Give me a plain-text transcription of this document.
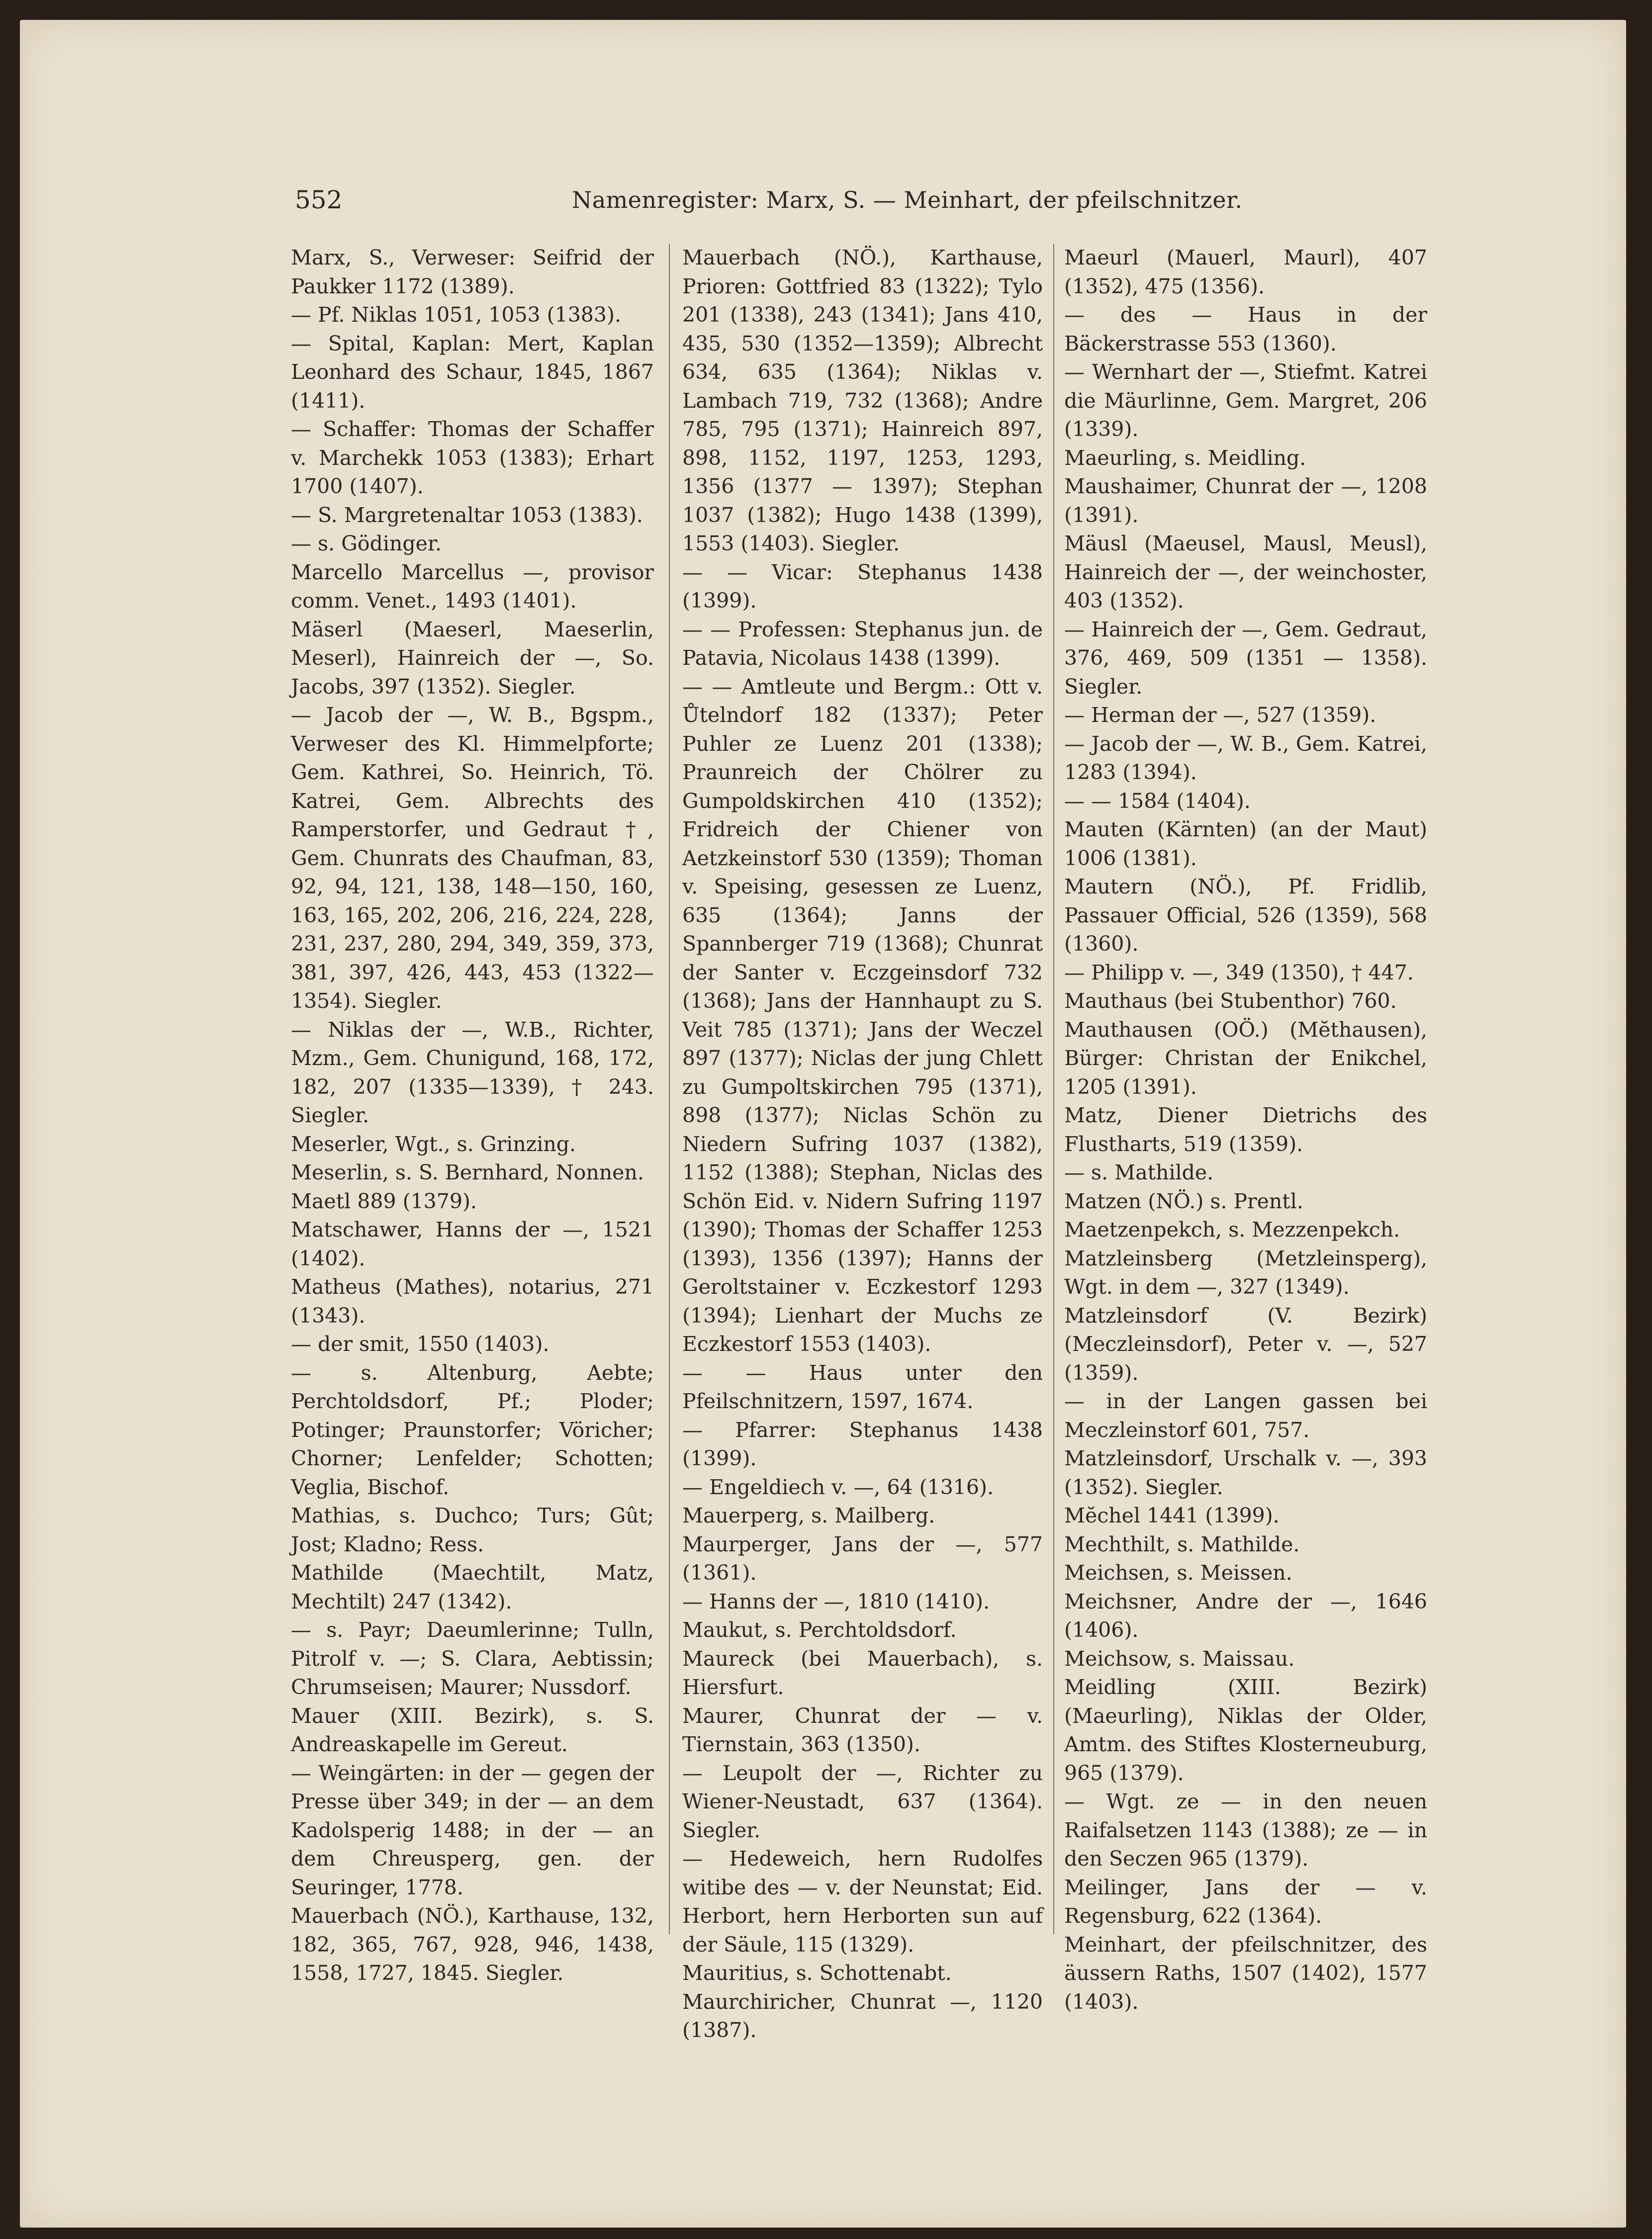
552	Namenregister: Marx, S. — Meinhart, der pfeilschnitzer.

Marx, S., Verweser: Seifrid der Paukker 1172 (1389).

— Pf. Niklas 1051, 1053 (1383).

— Spital, Kaplan: Mert, Kaplan Leonhard des Schaur, 1845, 1867 (1411).

— Schaffer: Thomas der Schaffer v. Marchekk 1053 (1383); Erhart 1700 (1407).

— S. Margretenaltar 1053 (1383).

— s. Gödinger.

Marcello Marcellus —, provisor comm. Venet., 1493 (1401).

Mäserl (Maeserl, Maeserlin, Meserl), Hainreich der —, So. Jacobs, 397 (1352). Siegler.

— Jacob der —, W. B., Bgspm., Verweser des Kl. Himmelpforte; Gem. Kathrei, So. Heinrich, Tö. Katrei, Gem. Albrechts des Ramperstorfer, und Gedraut †, Gem. Chunrats des Chaufman, 83, 92, 94, 121, 138, 148—150, 160, 163, 165, 202, 206, 216, 224, 228, 231, 237, 280, 294, 349, 359, 373, 381, 397, 426, 443, 453 (1322—1354). Siegler.

— Niklas der —, W.B., Richter, Mzm., Gem. Chunigund, 168, 172, 182, 207 (1335—1339), † 243. Siegler.

Meserler, Wgt., s. Grinzing.

Meserlin, s. S. Bernhard, Nonnen.

Maetl 889 (1379).

Matschawer, Hanns der —, 1521 (1402).

Matheus (Mathes), notarius, 271 (1343).

— der smit, 1550 (1403).

— s. Altenburg, Aebte; Perchtoldsdorf, Pf.; Ploder; Potinger; Praunstorfer; Vöricher; Chorner; Lenfelder; Schotten; Veglia, Bischof.

Mathias, s. Duchco; Turs; Gût; Jost; Kladno; Ress.

Mathilde (Maechtilt, Matz, Mechtilt) 247 (1342).

— s. Payr; Daeumlerinne; Tulln, Pitrolf v. —; S. Clara, Aebtissin; Chrumseisen; Maurer; Nussdorf.

Mauer (XIII. Bezirk), s. S. Andreaskapelle im Gereut.

— Weingärten: in der — gegen der Presse über 349; in der — an dem Kadolsperig 1488; in der — an dem Chreusperg, gen. der Seuringer, 1778.

Mauerbach (NÖ.), Karthause, 132, 182, 365, 767, 928, 946, 1438, 1558, 1727, 1845. Siegler.

Mauerbach (NÖ.), Karthause, Prioren: Gottfried 83 (1322); Tylo 201 (1338), 243 (1341); Jans 410, 435, 530 (1352—1359); Albrecht 634, 635 (1364); Niklas v. Lambach 719, 732 (1368); Andre 785, 795 (1371); Hainreich 897, 898, 1152, 1197, 1253, 1293, 1356 (1377 — 1397); Stephan 1037 (1382); Hugo 1438 (1399), 1553 (1403). Siegler.

— — Vicar: Stephanus 1438 (1399).

— — Professen: Stephanus jun. de Patavia, Nicolaus 1438 (1399).

— — Amtleute und Bergm.: Ott v. Ůtelndorf 182 (1337); Peter Puhler ze Luenz 201 (1338); Praunreich der Chölrer zu Gumpoldskirchen 410 (1352); Fridreich der Chiener von Aetzkeinstorf 530 (1359); Thoman v. Speising, gesessen ze Luenz, 635 (1364); Janns der Spannberger 719 (1368); Chunrat der Santer v. Eczgeinsdorf 732 (1368); Jans der Hannhaupt zu S. Veit 785 (1371); Jans der Weczel 897 (1377); Niclas der jung Chlett zu Gumpoltskirchen 795 (1371), 898 (1377); Niclas Schön zu Niedern Sufring 1037 (1382), 1152 (1388); Stephan, Niclas des Schön Eid. v. Nidern Sufring 1197 (1390); Thomas der Schaffer 1253 (1393), 1356 (1397); Hanns der Geroltstainer v. Eczkestorf 1293 (1394); Lienhart der Muchs ze Eczkestorf 1553 (1403).

— — Haus unter den Pfeilschnitzern, 1597, 1674.

— Pfarrer: Stephanus 1438 (1399).

— Engeldiech v. —, 64 (1316).

Mauerperg, s. Mailberg.

Maurperger, Jans der —, 577 (1361).

— Hanns der —, 1810 (1410).

Maukut, s. Perchtoldsdorf.

Maureck (bei Mauerbach), s. Hiersfurt.

Maurer, Chunrat der — v. Tiernstain, 363 (1350).

— Leupolt der —, Richter zu Wiener-Neustadt, 637 (1364). Siegler.

— Hedeweich, hern Rudolfes witibe des — v. der Neunstat; Eid. Herbort, hern Herborten sun auf der Säule, 115 (1329).

Mauritius, s. Schottenabt.

Maurchiricher, Chunrat —, 1120 (1387).

Maeurl (Mauerl, Maurl), 407 (1352), 475 (1356).

— des — Haus in der Bäckerstrasse 553 (1360).

— Wernhart der —, Stiefmt. Katrei die Mäurlinne, Gem. Margret, 206 (1339).

Maeurling, s. Meidling.

Maushaimer, Chunrat der —, 1208 (1391).

Mäusl (Maeusel, Mausl, Meusl), Hainreich der —, der weinchoster, 403 (1352).

— Hainreich der —, Gem. Gedraut, 376, 469, 509 (1351 — 1358). Siegler.

— Herman der —, 527 (1359).

— Jacob der —, W. B., Gem. Katrei, 1283 (1394).

— — 1584 (1404).

Mauten (Kärnten) (an der Maut) 1006 (1381).

Mautern (NÖ.), Pf. Fridlib, Passauer Official, 526 (1359), 568 (1360).

— Philipp v. —, 349 (1350), † 447.

Mauthaus (bei Stubenthor) 760.

Mauthausen (OÖ.) (Mĕthausen), Bürger: Christan der Enikchel, 1205 (1391).

Matz, Diener Dietrichs des Flustharts, 519 (1359).

— s. Mathilde.

Matzen (NÖ.) s. Prentl.

Maetzenpekch, s. Mezzenpekch.

Matzleinsberg (Metzleinsperg), Wgt. in dem —, 327 (1349).

Matzleinsdorf (V. Bezirk) (Meczleinsdorf), Peter v. —, 527 (1359).

— in der Langen gassen bei Meczleinstorf 601, 757.

Matzleinsdorf, Urschalk v. —, 393 (1352). Siegler.

Mĕchel 1441 (1399).

Mechthilt, s. Mathilde.

Meichsen, s. Meissen.

Meichsner, Andre der —, 1646 (1406).

Meichsow, s. Maissau.

Meidling (XIII. Bezirk) (Maeurling), Niklas der Older, Amtm. des Stiftes Klosterneuburg, 965 (1379).

— Wgt. ze — in den neuen Raifalsetzen 1143 (1388); ze — in den Seczen 965 (1379).

Meilinger, Jans der — v. Regensburg, 622 (1364).

Meinhart, der pfeilschnitzer, des äussern Raths, 1507 (1402), 1577 (1403).
